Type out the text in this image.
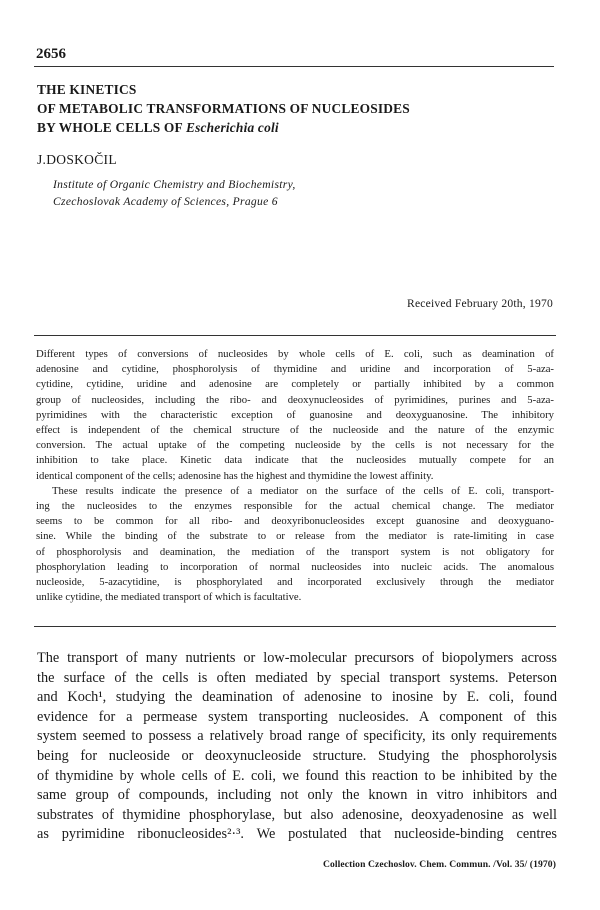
2656
THE KINETICS
OF METABOLIC TRANSFORMATIONS OF NUCLEOSIDES
BY WHOLE CELLS OF Escherichia coli
J.DOSKOČIL
Institute of Organic Chemistry and Biochemistry,
Czechoslovak Academy of Sciences, Prague 6
Received February 20th, 1970
Different types of conversions of nucleosides by whole cells of E. coli, such as deamination of
adenosine and cytidine, phosphorolysis of thymidine and uridine and incorporation of 5-aza-
cytidine, cytidine, uridine and adenosine are completely or partially inhibited by a common
group of nucleosides, including the ribo- and deoxynucleosides of pyrimidines, purines and 5-aza-
pyrimidines with the characteristic exception of guanosine and deoxyguanosine. The inhibitory
effect is independent of the chemical structure of the nucleoside and the nature of the enzymic
conversion. The actual uptake of the competing nucleoside by the cells is not necessary for the
inhibition to take place. Kinetic data indicate that the nucleosides mutually compete for an
identical component of the cells; adenosine has the highest and thymidine the lowest affinity.
These results indicate the presence of a mediator on the surface of the cells of E. coli, transport-
ing the nucleosides to the enzymes responsible for the actual chemical change. The mediator
seems to be common for all ribo- and deoxyribonucleosides except guanosine and deoxyguano-
sine. While the binding of the substrate to or release from the mediator is rate-limiting in case
of phosphorolysis and deamination, the mediation of the transport system is not obligatory for
phosphorylation leading to incorporation of normal nucleosides into nucleic acids. The anomalous
nucleoside, 5-azacytidine, is phosphorylated and incorporated exclusively through the mediator
unlike cytidine, the mediated transport of which is facultative.
The transport of many nutrients or low-molecular precursors of biopolymers across
the surface of the cells is often mediated by special transport systems. Peterson
and Koch¹, studying the deamination of adenosine to inosine by E. coli, found
evidence for a permease system transporting nucleosides. A component of this
system seemed to possess a relatively broad range of specificity, its only requirements
being for nucleoside or deoxynucleoside structure. Studying the phosphorolysis
of thymidine by whole cells of E. coli, we found this reaction to be inhibited by the
same group of compounds, including not only the known in vitro inhibitors and
substrates of thymidine phosphorylase, but also adenosine, deoxyadenosine as well
as pyrimidine ribonucleosides²·³. We postulated that nucleoside-binding centres
Collection Czechoslov. Chem. Commun. /Vol. 35/ (1970)
